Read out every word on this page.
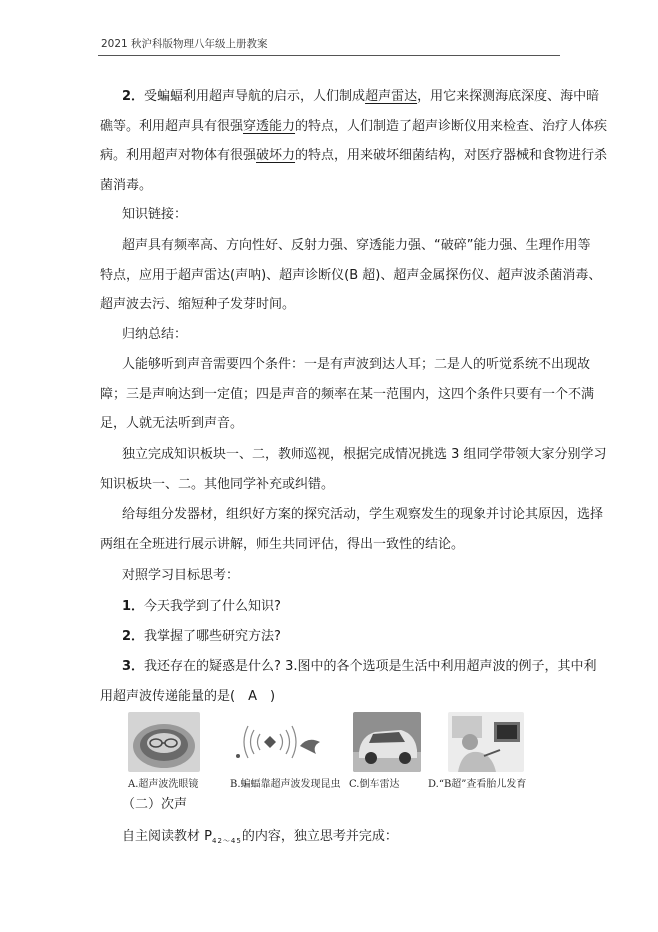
2021 秋沪科版物理八年级上册教案
2．受蝙蝠利用超声导航的启示，人们制成超声雷达，用它来探测海底深度、海中暗
礁等。利用超声具有很强穿透能力的特点，人们制造了超声诊断仪用来检查、治疗人体疾
病。利用超声对物体有很强破坏力的特点，用来破坏细菌结构，对医疗器械和食物进行杀
菌消毒。
知识链接：
超声具有频率高、方向性好、反射力强、穿透能力强、“破碎”能力强、生理作用等
特点，应用于超声雷达(声呐)、超声诊断仪(B 超)、超声金属探伤仪、超声波杀菌消毒、
超声波去污、缩短种子发芽时间。
归纳总结：
人能够听到声音需要四个条件：一是有声波到达人耳；二是人的听觉系统不出现故
障；三是声响达到一定值；四是声音的频率在某一范围内，这四个条件只要有一个不满
足，人就无法听到声音。
独立完成知识板块一、二，教师巡视，根据完成情况挑选 3 组同学带领大家分别学习
知识板块一、二。其他同学补充或纠错。
给每组分发器材，组织好方案的探究活动，学生观察发生的现象并讨论其原因，选择
两组在全班进行展示讲解，师生共同评估，得出一致性的结论。
对照学习目标思考：
1．今天我学到了什么知识?
2．我掌握了哪些研究方法?
3．我还存在的疑惑是什么? 3.图中的各个选项是生活中利用超声波的例子，其中利
用超声波传递能量的是(　A　)
A.超声波洗眼镜	B.蝙蝠靠超声波发现昆虫 C.倒车雷达	D.“B超”查看胎儿发育
（二）次声
自主阅读教材 $P_{42\sim 45}$的内容，独立思考并完成：
